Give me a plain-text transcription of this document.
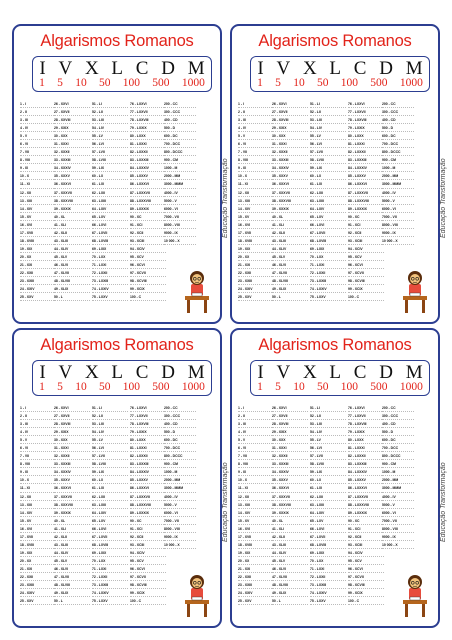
Algarismos Romanos
I V X L C D M
1 5 10 50 100 500 1000
1 - I
2 - II
3 - III
4 - IV
5 - V
6 - VI
7 - VII
8 - VIII
9 - IX
10 - X
11 - XI
12 - XII
13 - XIII
14 - XIV
15 - XV
16 - XVI
17 - XVII
18 - XVIII
19 - XIX
20 - XX
21 - XXI
22 - XXII
23 - XXIII
24 - XXIV
25 - XXV
26 - XXVI
27 - XXVII
28 - XXVIII
29 - XXIX
30 - XXX
31 - XXXI
32 - XXXII
33 - XXXIII
34 - XXXIV
35 - XXXV
36 - XXXVI
37 - XXXVII
38 - XXXVIII
39 - XXXIX
40 - XL
41 - XLI
42 - XLII
43 - XLIII
44 - XLIV
45 - XLV
46 - XLVI
47 - XLVII
48 - XLVIII
49 - XLIX
50 - L
51 - LI
52 - LII
53 - LIII
54 - LIV
55 - LV
56 - LVI
57 - LVII
58 - LVIII
59 - LIX
60 - LX
61 - LXI
62 - LXII
63 - LXIII
64 - LXIV
65 - LXV
66 - LXVI
67 - LXVII
68 - LXVIII
69 - LXIX
70 - LXX
71 - LXXI
72 - LXXII
73 - LXXIII
74 - LXXIV
75 - LXXV
76 - LXXVI
77 - LXXVII
78 - LXXVIII
79 - LXXIX
80 - LXXX
81 - LXXXI
82 - LXXXII
83 - LXXXIII
84 - LXXXIV
85 - LXXXV
86 - LXXXVI
87 - LXXXVII
88 - LXXXVIII
89 - LXXXIX
90 - XC
91 - XCI
92 - XCII
93 - XCIII
94 - XCIV
95 - XCV
96 - XCVI
97 - XCVII
98 - XCVIII
99 - XCIX
100 - C
200 - CC
300 - CCC
400 - CD
500 - D
600 - DC
700 - DCC
800 - DCCC
900 - CM
1000 - M
2000 - MM
3000 - MMM
4000 - IV
5000 - V
6000 - VI
7000 - VII
8000 - VIII
9000 - IX
10 000 - X
Educação Transformação
Algarismos Romanos
I V X L C D M
1 5 10 50 100 500 1000
1 - I
2 - II
3 - III
4 - IV
5 - V
6 - VI
7 - VII
8 - VIII
9 - IX
10 - X
11 - XI
12 - XII
13 - XIII
14 - XIV
15 - XV
16 - XVI
17 - XVII
18 - XVIII
19 - XIX
20 - XX
21 - XXI
22 - XXII
23 - XXIII
24 - XXIV
25 - XXV
26 - XXVI
27 - XXVII
28 - XXVIII
29 - XXIX
30 - XXX
31 - XXXI
32 - XXXII
33 - XXXIII
34 - XXXIV
35 - XXXV
36 - XXXVI
37 - XXXVII
38 - XXXVIII
39 - XXXIX
40 - XL
41 - XLI
42 - XLII
43 - XLIII
44 - XLIV
45 - XLV
46 - XLVI
47 - XLVII
48 - XLVIII
49 - XLIX
50 - L
51 - LI
52 - LII
53 - LIII
54 - LIV
55 - LV
56 - LVI
57 - LVII
58 - LVIII
59 - LIX
60 - LX
61 - LXI
62 - LXII
63 - LXIII
64 - LXIV
65 - LXV
66 - LXVI
67 - LXVII
68 - LXVIII
69 - LXIX
70 - LXX
71 - LXXI
72 - LXXII
73 - LXXIII
74 - LXXIV
75 - LXXV
76 - LXXVI
77 - LXXVII
78 - LXXVIII
79 - LXXIX
80 - LXXX
81 - LXXXI
82 - LXXXII
83 - LXXXIII
84 - LXXXIV
85 - LXXXV
86 - LXXXVI
87 - LXXXVII
88 - LXXXVIII
89 - LXXXIX
90 - XC
91 - XCI
92 - XCII
93 - XCIII
94 - XCIV
95 - XCV
96 - XCVI
97 - XCVII
98 - XCVIII
99 - XCIX
100 - C
200 - CC
300 - CCC
400 - CD
500 - D
600 - DC
700 - DCC
800 - DCCC
900 - CM
1000 - M
2000 - MM
3000 - MMM
4000 - IV
5000 - V
6000 - VI
7000 - VII
8000 - VIII
9000 - IX
10 000 - X
Educação Transformação
Algarismos Romanos
I V X L C D M
1 5 10 50 100 500 1000
1 - I
2 - II
3 - III
4 - IV
5 - V
6 - VI
7 - VII
8 - VIII
9 - IX
10 - X
11 - XI
12 - XII
13 - XIII
14 - XIV
15 - XV
16 - XVI
17 - XVII
18 - XVIII
19 - XIX
20 - XX
21 - XXI
22 - XXII
23 - XXIII
24 - XXIV
25 - XXV
26 - XXVI
27 - XXVII
28 - XXVIII
29 - XXIX
30 - XXX
31 - XXXI
32 - XXXII
33 - XXXIII
34 - XXXIV
35 - XXXV
36 - XXXVI
37 - XXXVII
38 - XXXVIII
39 - XXXIX
40 - XL
41 - XLI
42 - XLII
43 - XLIII
44 - XLIV
45 - XLV
46 - XLVI
47 - XLVII
48 - XLVIII
49 - XLIX
50 - L
51 - LI
52 - LII
53 - LIII
54 - LIV
55 - LV
56 - LVI
57 - LVII
58 - LVIII
59 - LIX
60 - LX
61 - LXI
62 - LXII
63 - LXIII
64 - LXIV
65 - LXV
66 - LXVI
67 - LXVII
68 - LXVIII
69 - LXIX
70 - LXX
71 - LXXI
72 - LXXII
73 - LXXIII
74 - LXXIV
75 - LXXV
76 - LXXVI
77 - LXXVII
78 - LXXVIII
79 - LXXIX
80 - LXXX
81 - LXXXI
82 - LXXXII
83 - LXXXIII
84 - LXXXIV
85 - LXXXV
86 - LXXXVI
87 - LXXXVII
88 - LXXXVIII
89 - LXXXIX
90 - XC
91 - XCI
92 - XCII
93 - XCIII
94 - XCIV
95 - XCV
96 - XCVI
97 - XCVII
98 - XCVIII
99 - XCIX
100 - C
200 - CC
300 - CCC
400 - CD
500 - D
600 - DC
700 - DCC
800 - DCCC
900 - CM
1000 - M
2000 - MM
3000 - MMM
4000 - IV
5000 - V
6000 - VI
7000 - VII
8000 - VIII
9000 - IX
10 000 - X
Educação Transformação
Algarismos Romanos
I V X L C D M
1 5 10 50 100 500 1000
1 - I
2 - II
3 - III
4 - IV
5 - V
6 - VI
7 - VII
8 - VIII
9 - IX
10 - X
11 - XI
12 - XII
13 - XIII
14 - XIV
15 - XV
16 - XVI
17 - XVII
18 - XVIII
19 - XIX
20 - XX
21 - XXI
22 - XXII
23 - XXIII
24 - XXIV
25 - XXV
26 - XXVI
27 - XXVII
28 - XXVIII
29 - XXIX
30 - XXX
31 - XXXI
32 - XXXII
33 - XXXIII
34 - XXXIV
35 - XXXV
36 - XXXVI
37 - XXXVII
38 - XXXVIII
39 - XXXIX
40 - XL
41 - XLI
42 - XLII
43 - XLIII
44 - XLIV
45 - XLV
46 - XLVI
47 - XLVII
48 - XLVIII
49 - XLIX
50 - L
51 - LI
52 - LII
53 - LIII
54 - LIV
55 - LV
56 - LVI
57 - LVII
58 - LVIII
59 - LIX
60 - LX
61 - LXI
62 - LXII
63 - LXIII
64 - LXIV
65 - LXV
66 - LXVI
67 - LXVII
68 - LXVIII
69 - LXIX
70 - LXX
71 - LXXI
72 - LXXII
73 - LXXIII
74 - LXXIV
75 - LXXV
76 - LXXVI
77 - LXXVII
78 - LXXVIII
79 - LXXIX
80 - LXXX
81 - LXXXI
82 - LXXXII
83 - LXXXIII
84 - LXXXIV
85 - LXXXV
86 - LXXXVI
87 - LXXXVII
88 - LXXXVIII
89 - LXXXIX
90 - XC
91 - XCI
92 - XCII
93 - XCIII
94 - XCIV
95 - XCV
96 - XCVI
97 - XCVII
98 - XCVIII
99 - XCIX
100 - C
200 - CC
300 - CCC
400 - CD
500 - D
600 - DC
700 - DCC
800 - DCCC
900 - CM
1000 - M
2000 - MM
3000 - MMM
4000 - IV
5000 - V
6000 - VI
7000 - VII
8000 - VIII
9000 - IX
10 000 - X
Educação Transformação
